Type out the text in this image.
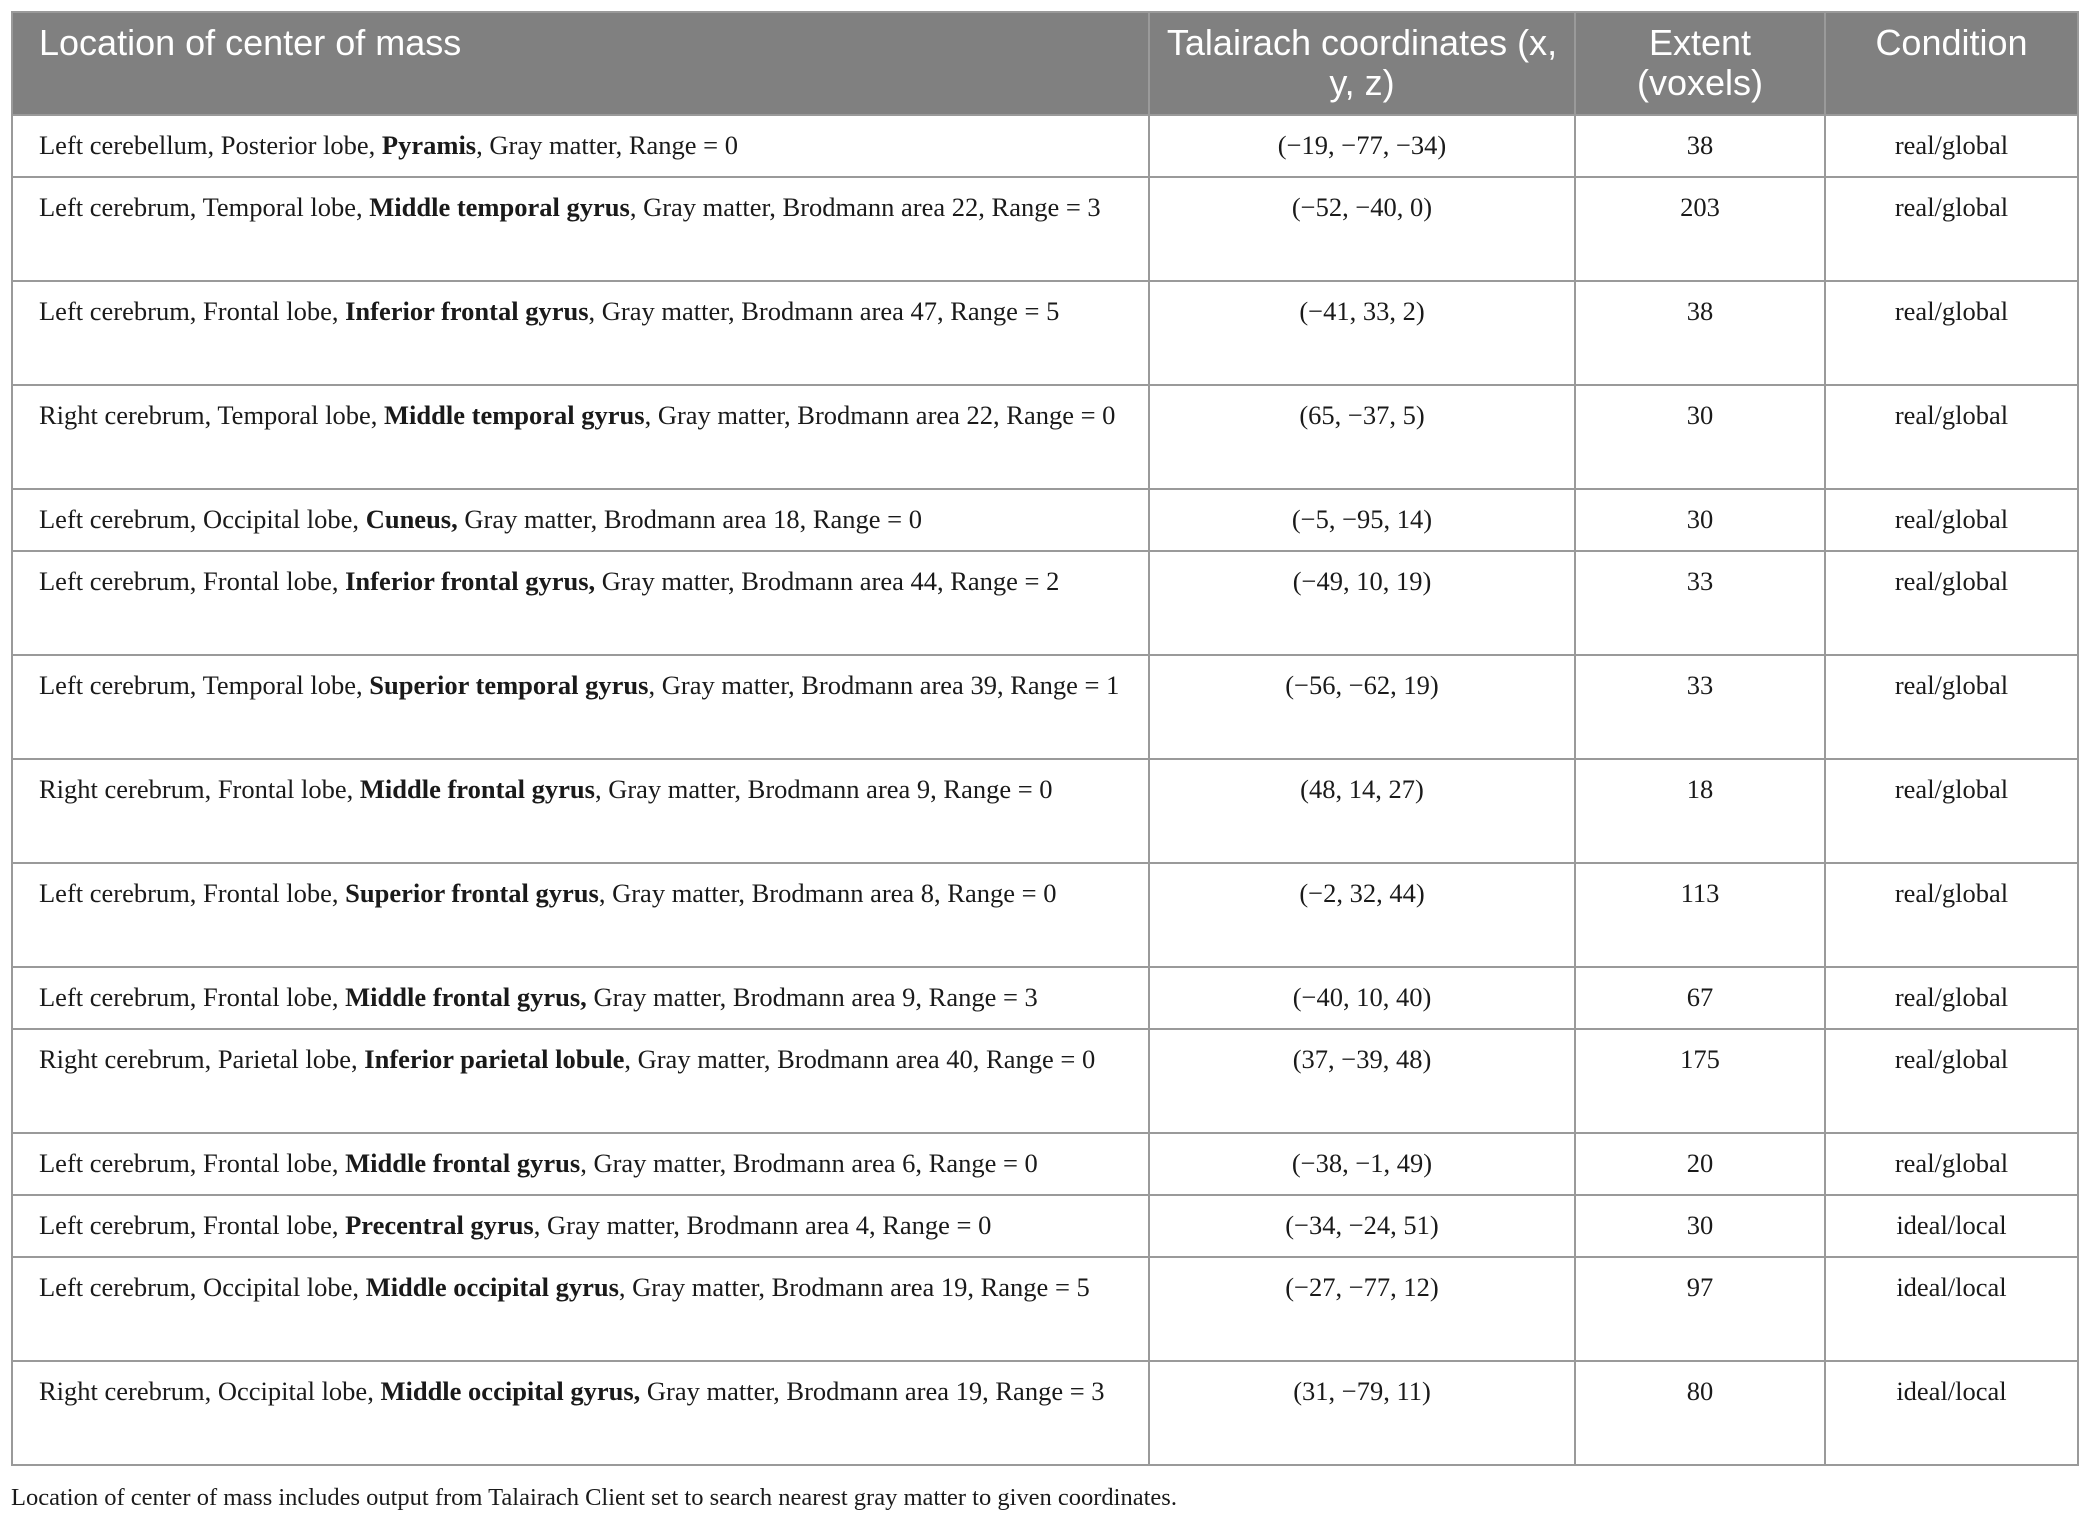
Location of center of mass	Talairach coordinates (x, y, z)	Extent (voxels)	Condition
Left cerebellum, Posterior lobe, Pyramis, Gray matter, Range = 0	(−19, −77, −34)	38	real/global
Left cerebrum, Temporal lobe, Middle temporal gyrus, Gray matter, Brodmann area 22, Range = 3	(−52, −40, 0)	203	real/global
Left cerebrum, Frontal lobe, Inferior frontal gyrus, Gray matter, Brodmann area 47, Range = 5	(−41, 33, 2)	38	real/global
Right cerebrum, Temporal lobe, Middle temporal gyrus, Gray matter, Brodmann area 22, Range = 0	(65, −37, 5)	30	real/global
Left cerebrum, Occipital lobe, Cuneus, Gray matter, Brodmann area 18, Range = 0	(−5, −95, 14)	30	real/global
Left cerebrum, Frontal lobe, Inferior frontal gyrus, Gray matter, Brodmann area 44, Range = 2	(−49, 10, 19)	33	real/global
Left cerebrum, Temporal lobe, Superior temporal gyrus, Gray matter, Brodmann area 39, Range = 1	(−56, −62, 19)	33	real/global
Right cerebrum, Frontal lobe, Middle frontal gyrus, Gray matter, Brodmann area 9, Range = 0	(48, 14, 27)	18	real/global
Left cerebrum, Frontal lobe, Superior frontal gyrus, Gray matter, Brodmann area 8, Range = 0	(−2, 32, 44)	113	real/global
Left cerebrum, Frontal lobe, Middle frontal gyrus, Gray matter, Brodmann area 9, Range = 3	(−40, 10, 40)	67	real/global
Right cerebrum, Parietal lobe, Inferior parietal lobule, Gray matter, Brodmann area 40, Range = 0	(37, −39, 48)	175	real/global
Left cerebrum, Frontal lobe, Middle frontal gyrus, Gray matter, Brodmann area 6, Range = 0	(−38, −1, 49)	20	real/global
Left cerebrum, Frontal lobe, Precentral gyrus, Gray matter, Brodmann area 4, Range = 0	(−34, −24, 51)	30	ideal/local
Left cerebrum, Occipital lobe, Middle occipital gyrus, Gray matter, Brodmann area 19, Range = 5	(−27, −77, 12)	97	ideal/local
Right cerebrum, Occipital lobe, Middle occipital gyrus, Gray matter, Brodmann area 19, Range = 3	(31, −79, 11)	80	ideal/local
Location of center of mass includes output from Talairach Client set to search nearest gray matter to given coordinates.
